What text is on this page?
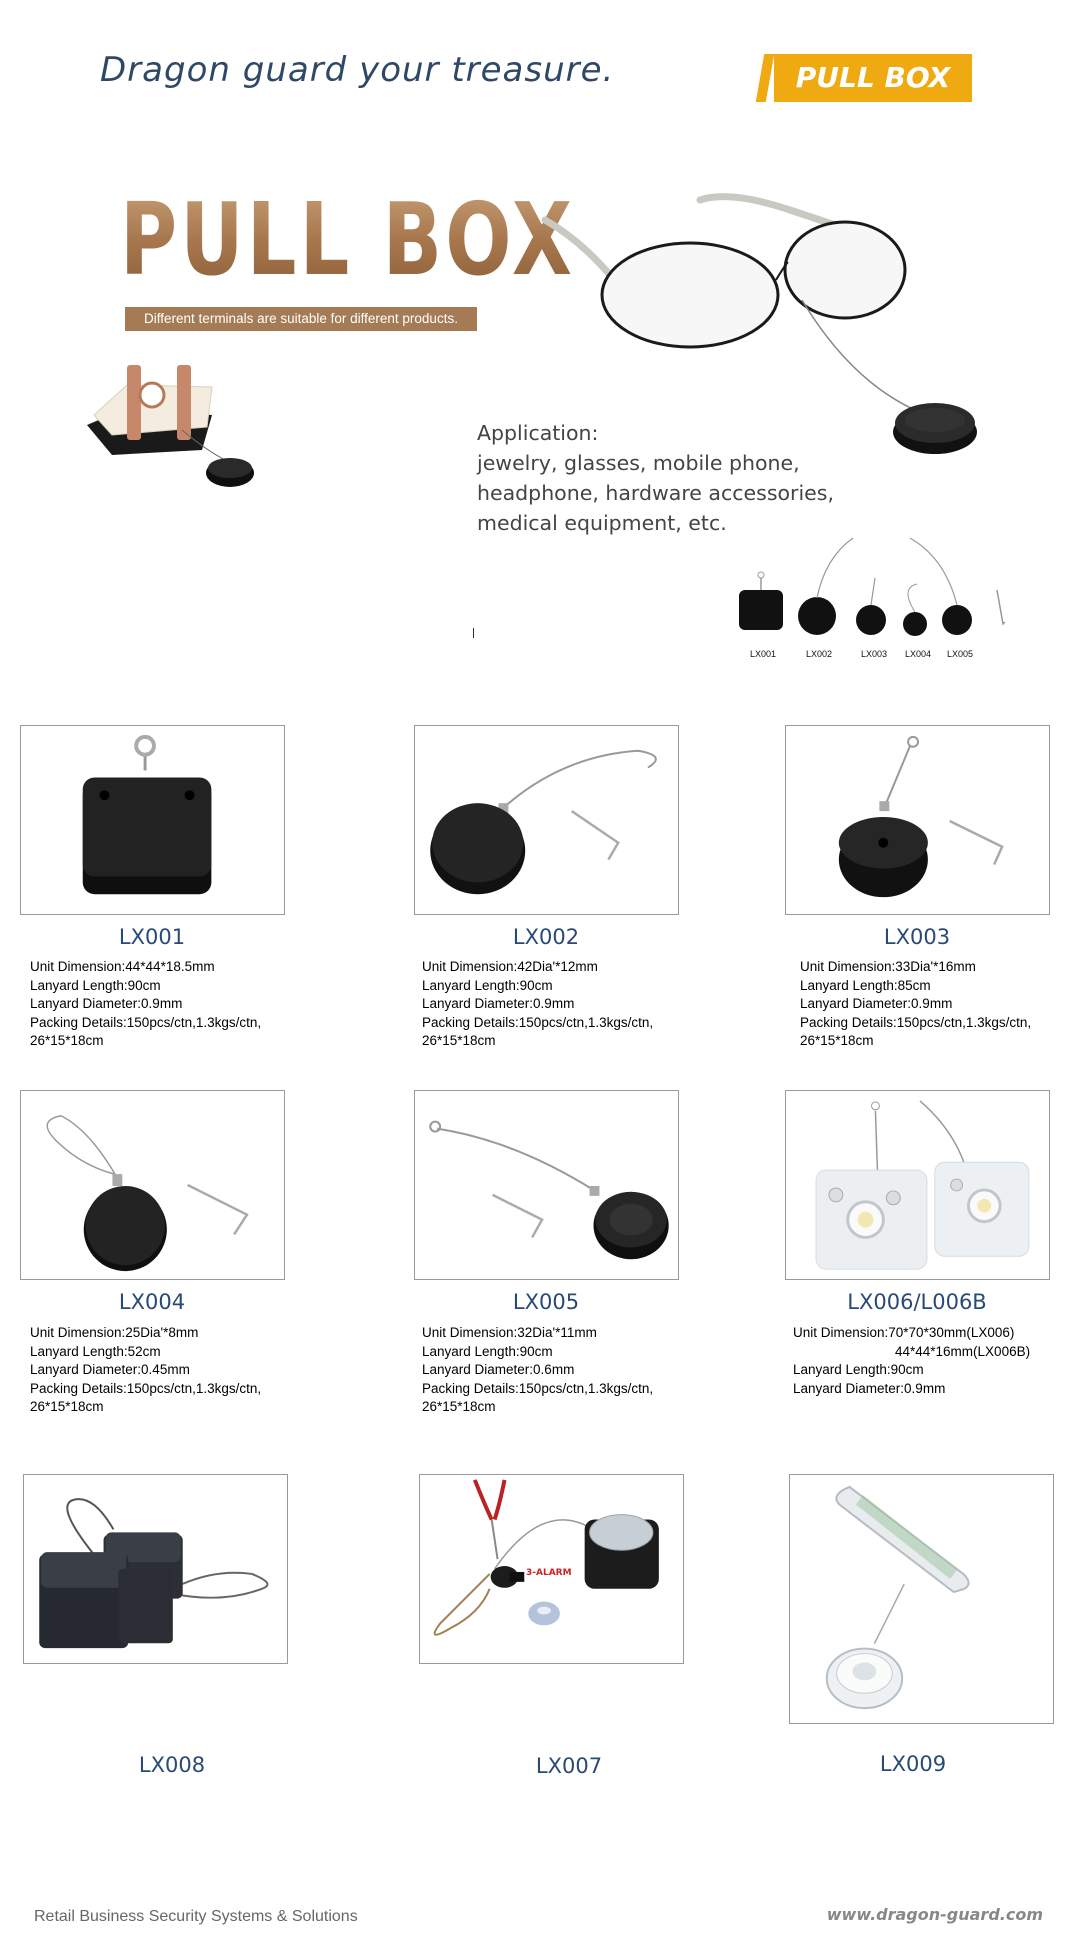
Dragon guard your treasure.	PULL BOX
PULL BOX
Different terminals are suitable for different products.
Application:
jewelry, glasses, mobile phone,
headphone, hardware accessories,
medical equipment, etc.
LX001	LX002	LX003 LX004 LX005
LX001	LX002	LX003
Unit Dimension:44*44*18.5mm
Lanyard Length:90cm
Lanyard Diameter:0.9mm
Packing Details:150pcs/ctn,1.3kgs/ctn,
26*15*18cm
Unit Dimension:42Dia'*12mm
Lanyard Length:90cm
Lanyard Diameter:0.9mm
Packing Details:150pcs/ctn,1.3kgs/ctn,
26*15*18cm
Unit Dimension:33Dia'*16mm
Lanyard Length:85cm
Lanyard Diameter:0.9mm
Packing Details:150pcs/ctn,1.3kgs/ctn,
26*15*18cm
LX004	LX005	LX006/L006B
Unit Dimension:25Dia'*8mm
Lanyard Length:52cm
Lanyard Diameter:0.45mm
Packing Details:150pcs/ctn,1.3kgs/ctn,
26*15*18cm
Unit Dimension:32Dia'*11mm
Lanyard Length:90cm
Lanyard Diameter:0.6mm
Packing Details:150pcs/ctn,1.3kgs/ctn,
26*15*18cm
Unit Dimension:70*70*30mm(LX006)
44*44*16mm(LX006B)
Lanyard Length:90cm
Lanyard Diameter:0.9mm
3-ALARM
LX008	LX007	LX009
Retail Business Security Systems & Solutions	www.dragon-guard.com
